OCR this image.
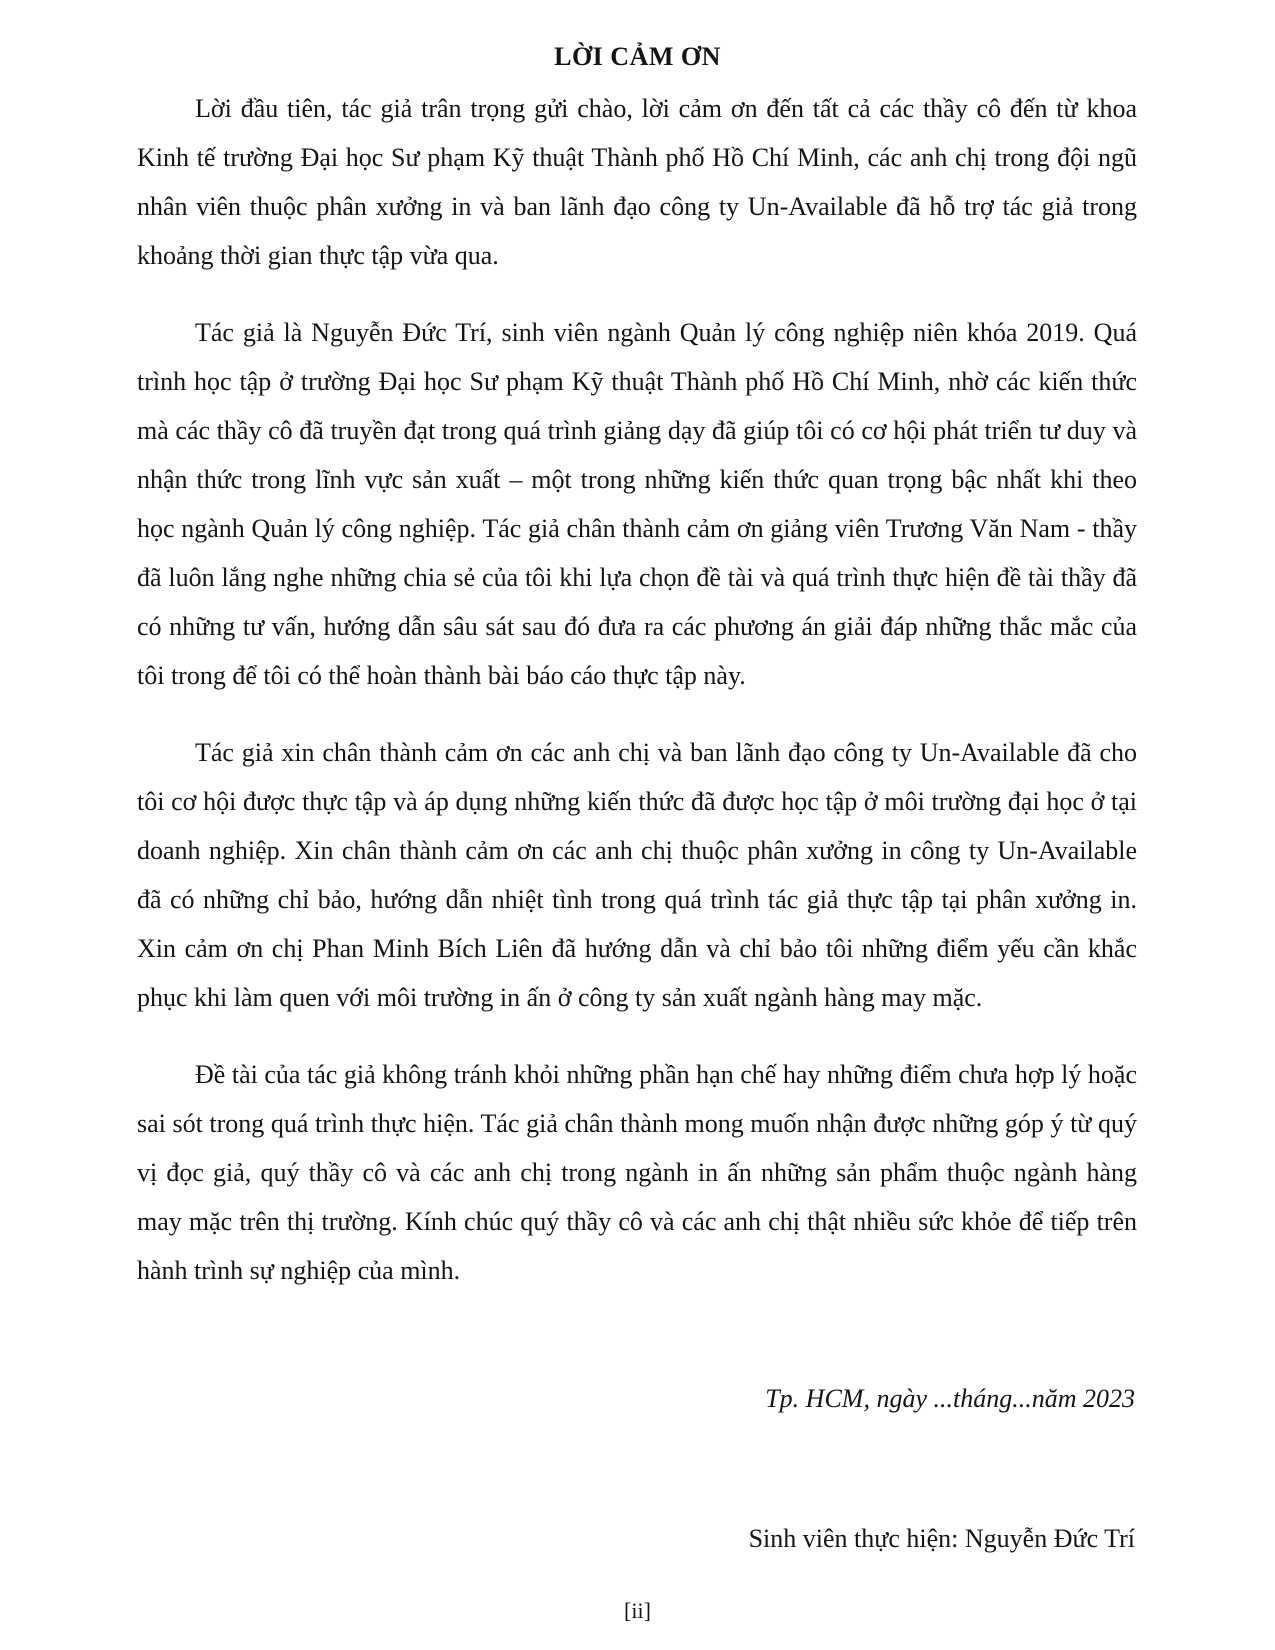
LỜI CẢM ƠN

Lời đầu tiên, tác giả trân trọng gửi chào, lời cảm ơn đến tất cả các thầy cô đến từ khoa Kinh tế trường Đại học Sư phạm Kỹ thuật Thành phố Hồ Chí Minh, các anh chị trong đội ngũ nhân viên thuộc phân xưởng in và ban lãnh đạo công ty Un-Available đã hỗ trợ tác giả trong khoảng thời gian thực tập vừa qua.

Tác giả là Nguyễn Đức Trí, sinh viên ngành Quản lý công nghiệp niên khóa 2019. Quá trình học tập ở trường Đại học Sư phạm Kỹ thuật Thành phố Hồ Chí Minh, nhờ các kiến thức mà các thầy cô đã truyền đạt trong quá trình giảng dạy đã giúp tôi có cơ hội phát triển tư duy và nhận thức trong lĩnh vực sản xuất – một trong những kiến thức quan trọng bậc nhất khi theo học ngành Quản lý công nghiệp. Tác giả chân thành cảm ơn giảng viên Trương Văn Nam - thầy đã luôn lắng nghe những chia sẻ của tôi khi lựa chọn đề tài và quá trình thực hiện đề tài thầy đã có những tư vấn, hướng dẫn sâu sát sau đó đưa ra các phương án giải đáp những thắc mắc của tôi trong để tôi có thể hoàn thành bài báo cáo thực tập này.

Tác giả xin chân thành cảm ơn các anh chị và ban lãnh đạo công ty Un-Available đã cho tôi cơ hội được thực tập và áp dụng những kiến thức đã được học tập ở môi trường đại học ở tại doanh nghiệp. Xin chân thành cảm ơn các anh chị thuộc phân xưởng in công ty Un-Available đã có những chỉ bảo, hướng dẫn nhiệt tình trong quá trình tác giả thực tập tại phân xưởng in. Xin cảm ơn chị Phan Minh Bích Liên đã hướng dẫn và chỉ bảo tôi những điểm yếu cần khắc phục khi làm quen với môi trường in ấn ở công ty sản xuất ngành hàng may mặc.

Đề tài của tác giả không tránh khỏi những phần hạn chế hay những điểm chưa hợp lý hoặc sai sót trong quá trình thực hiện. Tác giả chân thành mong muốn nhận được những góp ý từ quý vị đọc giả, quý thầy cô và các anh chị trong ngành in ấn những sản phẩm thuộc ngành hàng may mặc trên thị trường. Kính chúc quý thầy cô và các anh chị thật nhiều sức khỏe để tiếp trên hành trình sự nghiệp của mình.

Tp. HCM, ngày ...tháng...năm 2023
Sinh viên thực hiện: Nguyễn Đức Trí
[ii]
